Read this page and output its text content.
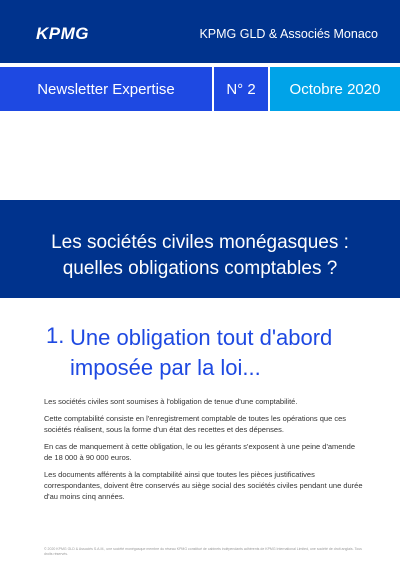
KPMG	KPMG GLD & Associés Monaco
Newsletter Expertise	N° 2	Octobre 2020
Les sociétés civiles monégasques :
quelles obligations comptables ?
1. Une obligation tout d'abord imposée par la loi...
Les sociétés civiles sont soumises à l'obligation de tenue d'une comptabilité.
Cette comptabilité consiste en l'enregistrement comptable de toutes les opérations que ces sociétés réalisent, sous la forme d'un état des recettes et des dépenses.
En cas de manquement à cette obligation, le ou les gérants s'exposent à une peine d'amende de 18 000 à 90 000 euros.
Les documents afférents à la comptabilité ainsi que toutes les pièces justificatives correspondantes, doivent être conservés au siège social des sociétés civiles pendant une durée d'au moins cinq années.
© 2020 KPMG GLD & Associés S.A.M., une société monégasque membre du réseau KPMG constitué de cabinets indépendants adhérents de KPMG International Limited, une société de droit anglais. Tous droits réservés.
